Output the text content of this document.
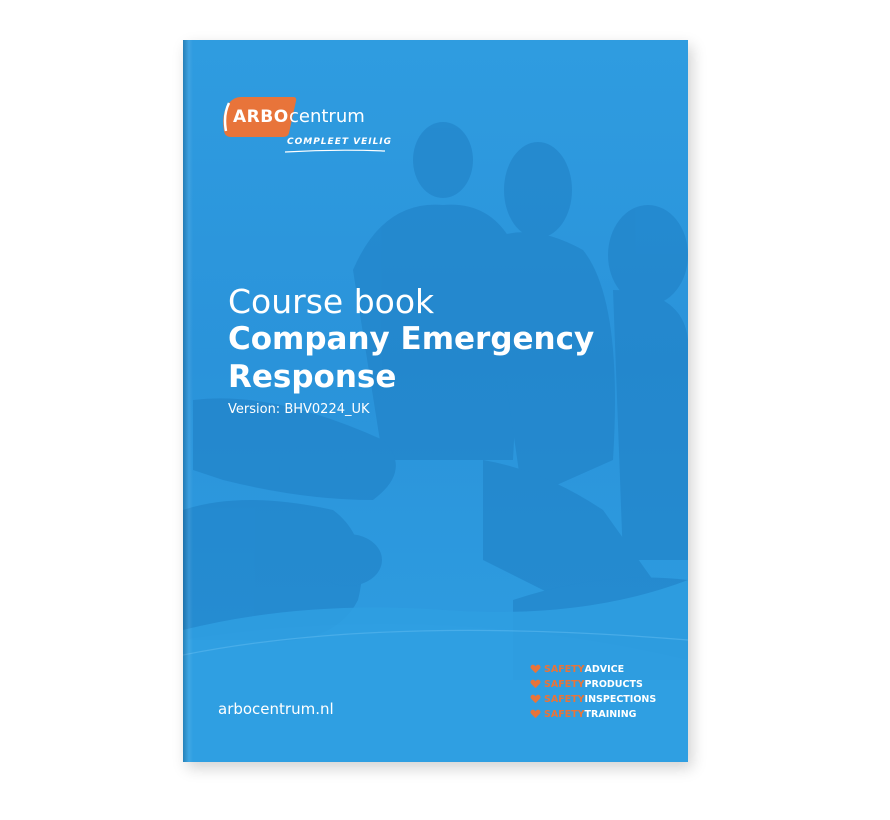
ARBO centrum
COMPLEET VEILIG
Course book
Company Emergency
Response
Version: BHV0224_UK
arbocentrum.nl
SAFETY ADVICE
SAFETY PRODUCTS
SAFETY INSPECTIONS
SAFETY TRAINING
